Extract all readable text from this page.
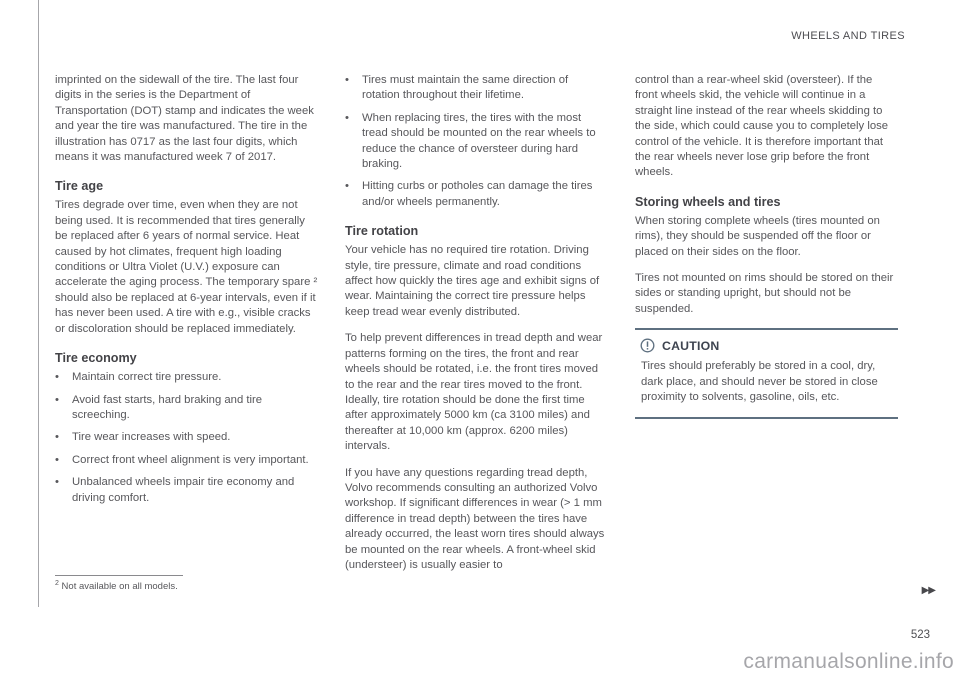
WHEELS AND TIRES

imprinted on the sidewall of the tire. The last four digits in the series is the Department of Transportation (DOT) stamp and indicates the week and year the tire was manufactured. The tire in the illustration has 0717 as the last four digits, which means it was manufactured week 7 of 2017.

Tire age

Tires degrade over time, even when they are not being used. It is recommended that tires generally be replaced after 6 years of normal service. Heat caused by hot climates, frequent high loading conditions or Ultra Violet (U.V.) exposure can accelerate the aging process. The temporary spare ² should also be replaced at 6-year intervals, even if it has never been used. A tire with e.g., visible cracks or discoloration should be replaced immediately.

Tire economy
•	Maintain correct tire pressure.
•	Avoid fast starts, hard braking and tire screeching.
•	Tire wear increases with speed.
•	Correct front wheel alignment is very important.
•	Unbalanced wheels impair tire economy and driving comfort.
•	Tires must maintain the same direction of rotation throughout their lifetime.
•	When replacing tires, the tires with the most tread should be mounted on the rear wheels to reduce the chance of oversteer during hard braking.
•	Hitting curbs or potholes can damage the tires and/or wheels permanently.
Tire rotation

Your vehicle has no required tire rotation. Driving style, tire pressure, climate and road conditions affect how quickly the tires age and exhibit signs of wear. Maintaining the correct tire pressure helps keep tread wear evenly distributed.

To help prevent differences in tread depth and wear patterns forming on the tires, the front and rear wheels should be rotated, i.e. the front tires moved to the rear and the rear tires moved to the front. Ideally, tire rotation should be done the first time after approximately 5000 km (ca 3100 miles) and thereafter at 10,000 km (approx. 6200 miles) intervals.

If you have any questions regarding tread depth, Volvo recommends consulting an authorized Volvo workshop. If significant differences in wear (> 1 mm difference in tread depth) between the tires have already occurred, the least worn tires should always be mounted on the rear wheels. A front-wheel skid (understeer) is usually easier to

control than a rear-wheel skid (oversteer). If the front wheels skid, the vehicle will continue in a straight line instead of the rear wheels skidding to the side, which could cause you to completely lose control of the vehicle. It is therefore important that the rear wheels never lose grip before the front wheels.

Storing wheels and tires

When storing complete wheels (tires mounted on rims), they should be suspended off the floor or placed on their sides on the floor.

Tires not mounted on rims should be stored on their sides or standing upright, but should not be suspended.

CAUTION

Tires should preferably be stored in a cool, dry, dark place, and should never be stored in close proximity to solvents, gasoline, oils, etc.

$^2$ Not available on all models.	▶▶
523
carmanualsonline.info
